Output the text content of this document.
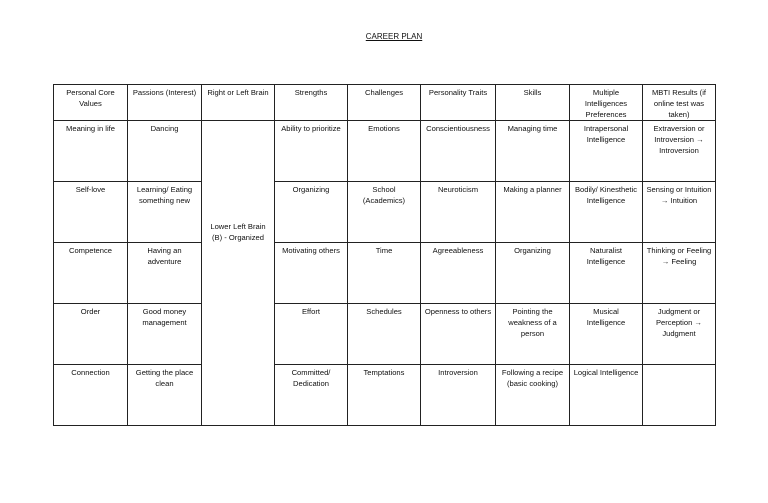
CAREER PLAN
Personal Core Values	Passions (Interest)	Right or Left Brain	Strengths	Challenges	Personality Traits	Skills	Multiple Intelligences Preferences	MBTI Results (if online test was taken)
Meaning in life	Dancing	Lower Left Brain (B) - Organized	Ability to prioritize	Emotions	Conscientiousness	Managing time	Intrapersonal Intelligence	Extraversion or Introversion → Introversion
Self-love	Learning/ Eating something new		Organizing	School (Academics)	Neuroticism	Making a planner	Bodily/ Kinesthetic Intelligence	Sensing or Intuition → Intuition
Competence	Having an adventure		Motivating others	Time	Agreeableness	Organizing	Naturalist Intelligence	Thinking or Feeling → Feeling
Order	Good money management		Effort	Schedules	Openness to others	Pointing the weakness of a person	Musical Intelligence	Judgment or Perception → Judgment
Connection	Getting the place clean		Committed/ Dedication	Temptations	Introversion	Following a recipe (basic cooking)	Logical Intelligence	
